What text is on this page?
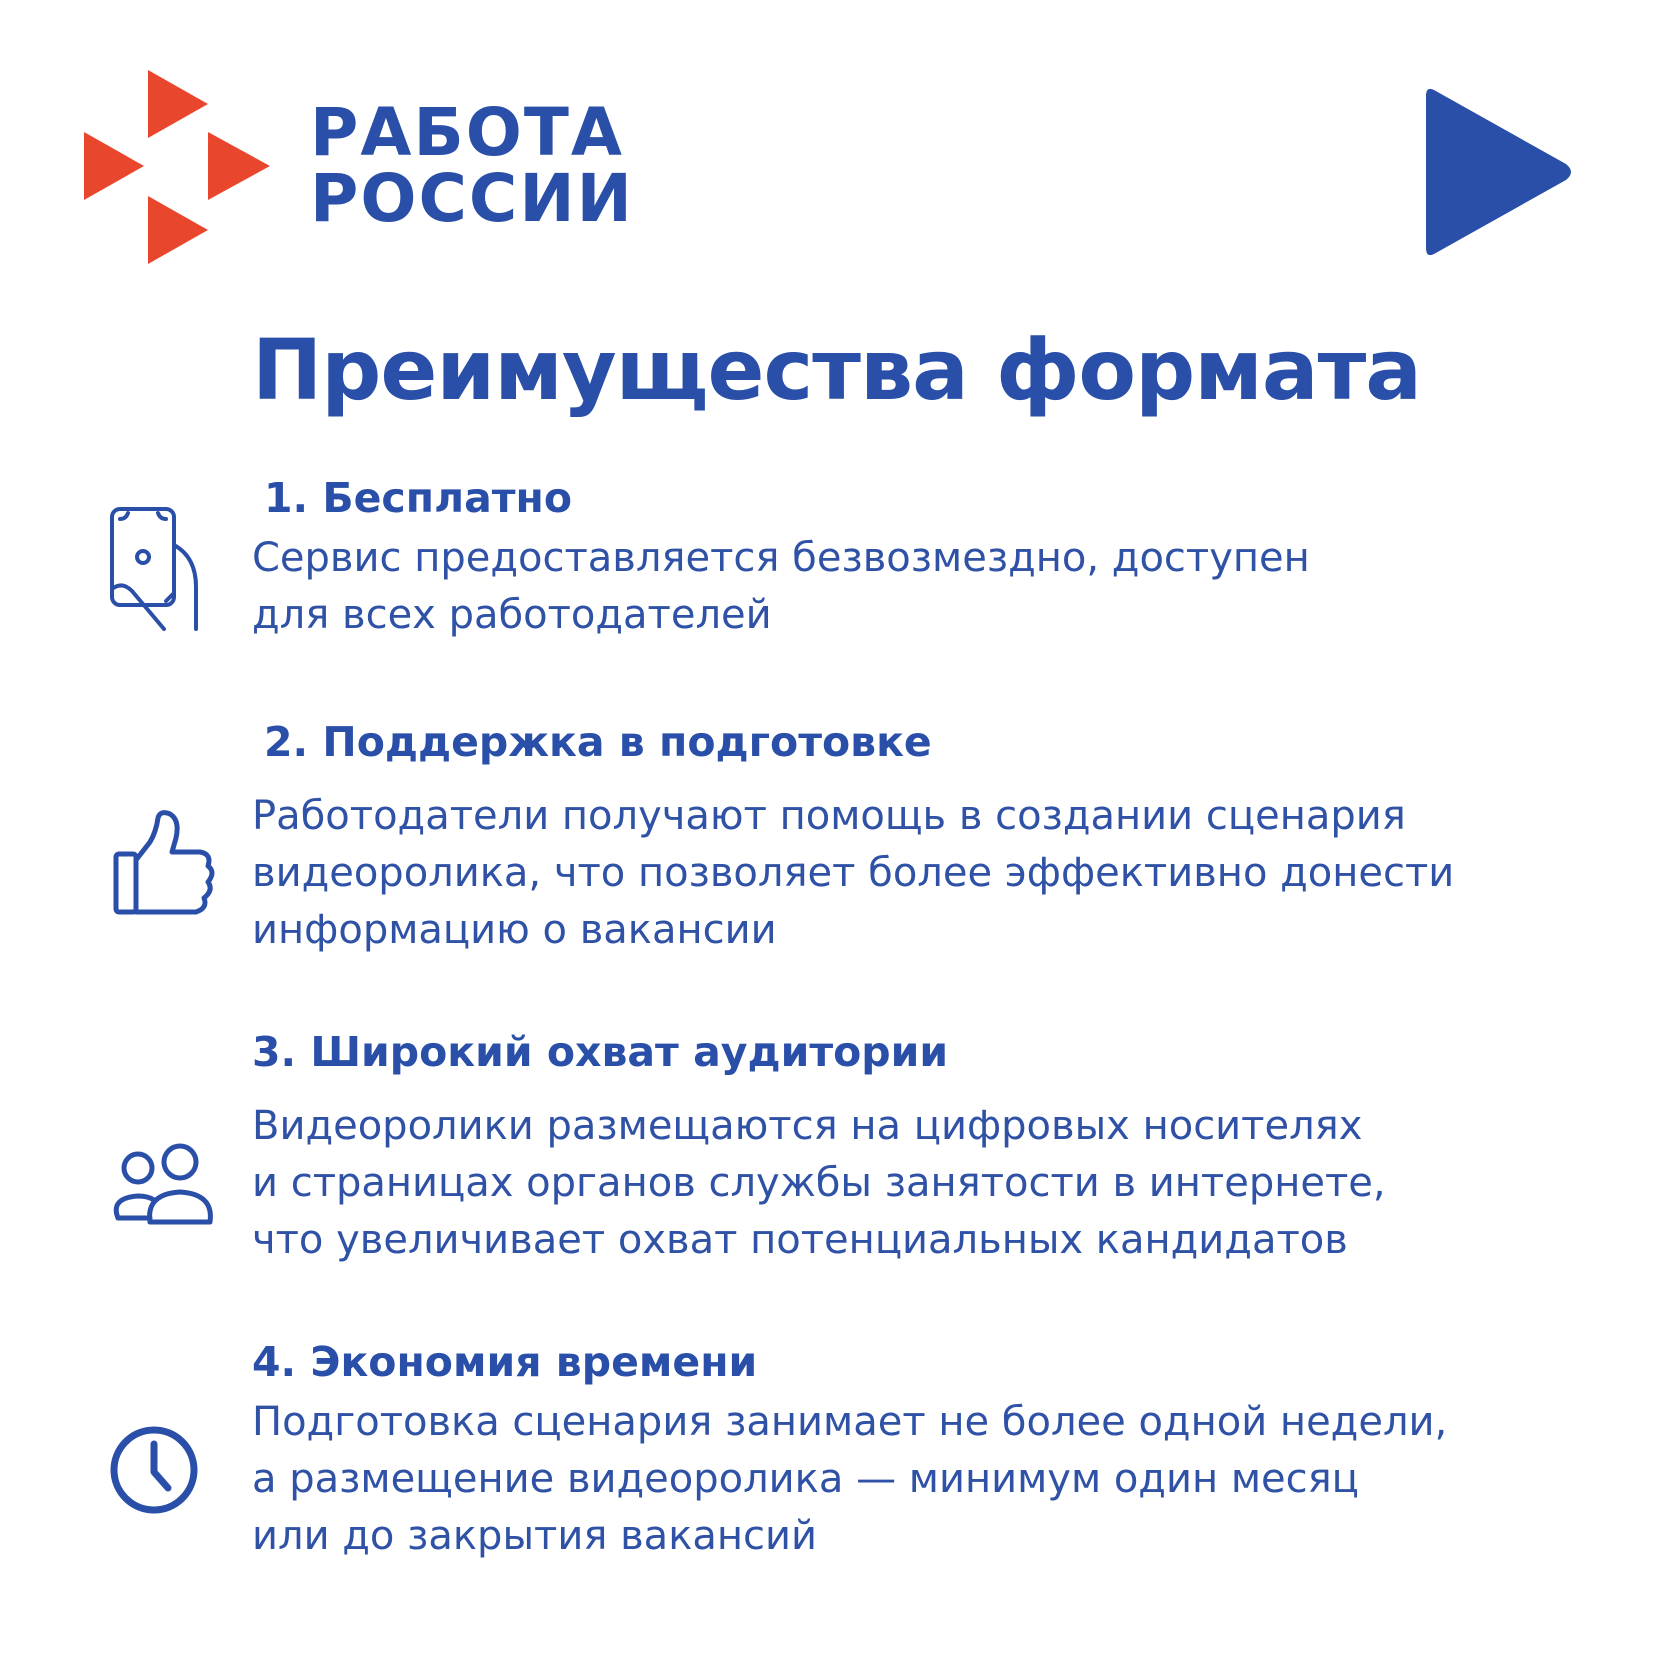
РАБОТА
РОССИИ
Преимущества формата
1. Бесплатно
Сервис предоставляется безвозмездно, доступен
для всех работодателей
2. Поддержка в подготовке
Работодатели получают помощь в создании сценария
видеоролика, что позволяет более эффективно донести
информацию о вакансии
3. Широкий охват аудитории
Видеоролики размещаются на цифровых носителях
и страницах органов службы занятости в интернете,
что увеличивает охват потенциальных кандидатов
4. Экономия времени
Подготовка сценария занимает не более одной недели,
а размещение видеоролика — минимум один месяц
или до закрытия вакансий
